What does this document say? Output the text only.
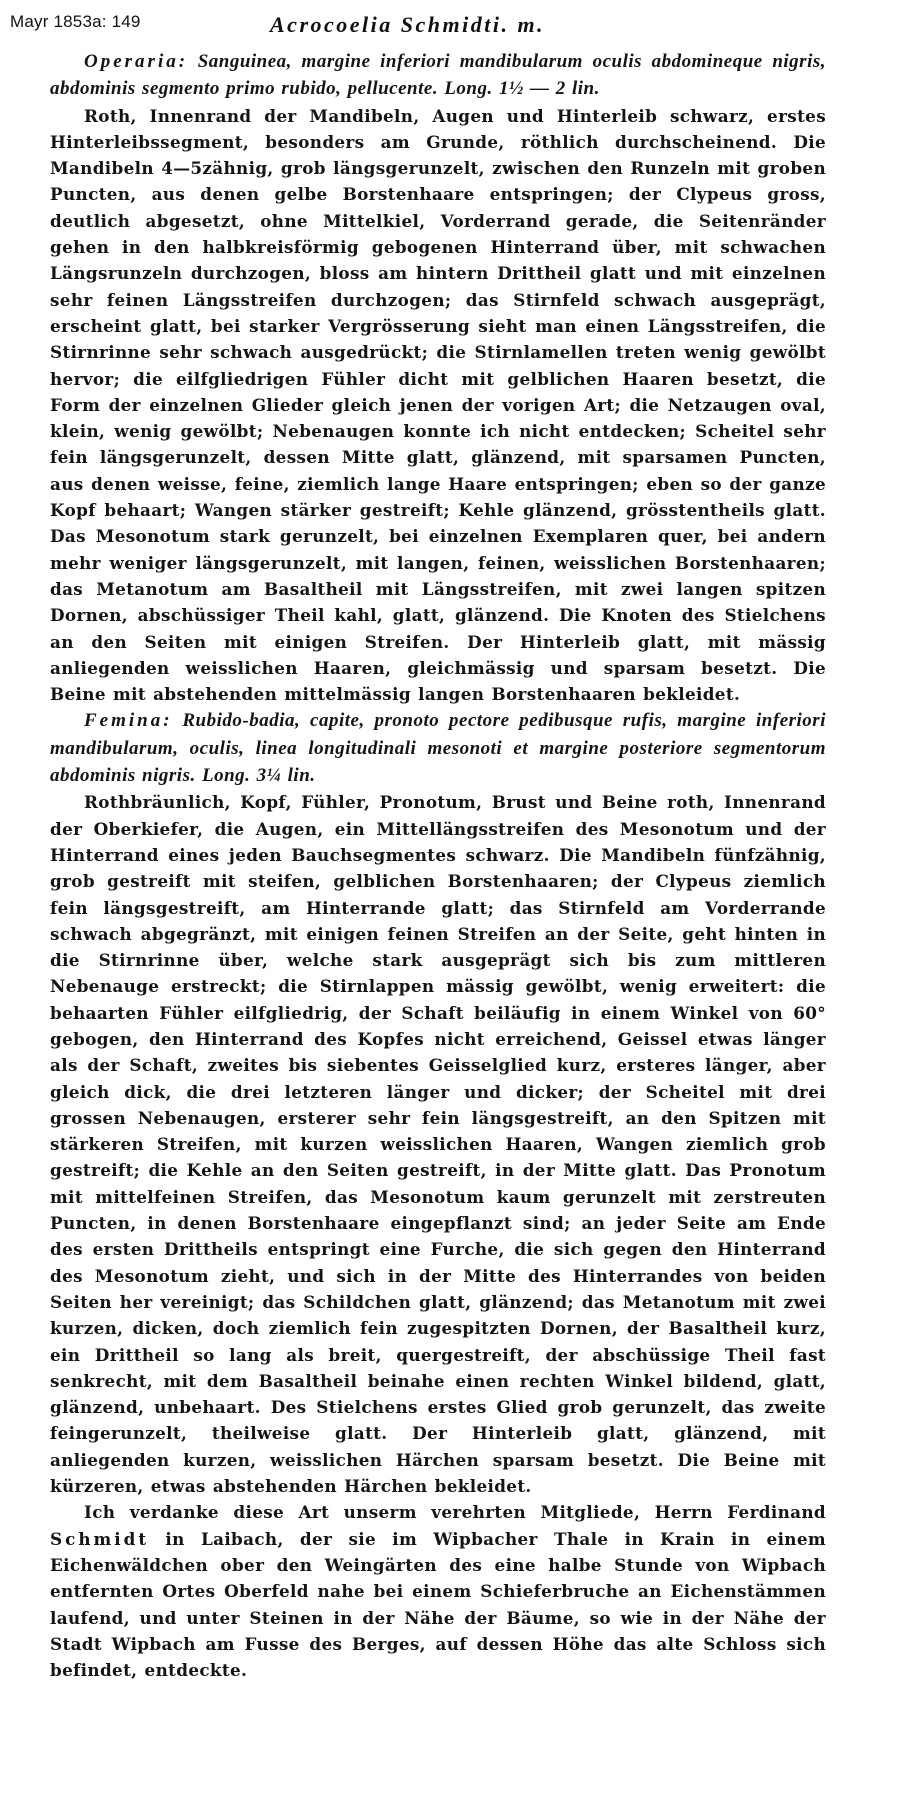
Mayr 1853a: 149	Acrocoelia Schmidti. m.

Operaria: Sanguinea, margine inferiori mandibularum oculis abdomineque nigris, abdominis segmento primo rubido, pellucente. Long. 1½ — 2 lin.

Roth, Innenrand der Mandibeln, Augen und Hinterleib schwarz, erstes Hinterleibssegment, besonders am Grunde, röthlich durchscheinend. Die Mandibeln 4—5zähnig, grob längsgerunzelt, zwischen den Runzeln mit groben Puncten, aus denen gelbe Borstenhaare entspringen; der Clypeus gross, deutlich abgesetzt, ohne Mittelkiel, Vorderrand gerade, die Seitenränder gehen in den halbkreisförmig gebogenen Hinterrand über, mit schwachen Längsrunzeln durchzogen, bloss am hintern Drittheil glatt und mit einzelnen sehr feinen Längsstreifen durchzogen; das Stirnfeld schwach ausgeprägt, erscheint glatt, bei starker Vergrösserung sieht man einen Längsstreifen, die Stirnrinne sehr schwach ausgedrückt; die Stirnlamellen treten wenig gewölbt hervor; die eilfgliedrigen Fühler dicht mit gelblichen Haaren besetzt, die Form der einzelnen Glieder gleich jenen der vorigen Art; die Netzaugen oval, klein, wenig gewölbt; Nebenaugen konnte ich nicht entdecken; Scheitel sehr fein längsgerunzelt, dessen Mitte glatt, glänzend, mit sparsamen Puncten, aus denen weisse, feine, ziemlich lange Haare entspringen; eben so der ganze Kopf behaart; Wangen stärker gestreift; Kehle glänzend, grösstentheils glatt. Das Mesonotum stark gerunzelt, bei einzelnen Exemplaren quer, bei andern mehr weniger längsgerunzelt, mit langen, feinen, weisslichen Borstenhaaren; das Metanotum am Basaltheil mit Längsstreifen, mit zwei langen spitzen Dornen, abschüssiger Theil kahl, glatt, glänzend. Die Knoten des Stielchens an den Seiten mit einigen Streifen. Der Hinterleib glatt, mit mässig anliegenden weisslichen Haaren, gleichmässig und sparsam besetzt. Die Beine mit abstehenden mittelmässig langen Borstenhaaren bekleidet.

Femina: Rubido-badia, capite, pronoto pectore pedibusque rufis, margine inferiori mandibularum, oculis, linea longitudinali mesonoti et margine posteriore segmentorum abdominis nigris. Long. 3¼ lin.

Rothbräunlich, Kopf, Fühler, Pronotum, Brust und Beine roth, Innenrand der Oberkiefer, die Augen, ein Mittellängsstreifen des Mesonotum und der Hinterrand eines jeden Bauchsegmentes schwarz. Die Mandibeln fünfzähnig, grob gestreift mit steifen, gelblichen Borstenhaaren; der Clypeus ziemlich fein längsgestreift, am Hinterrande glatt; das Stirnfeld am Vorderrande schwach abgegränzt, mit einigen feinen Streifen an der Seite, geht hinten in die Stirnrinne über, welche stark ausgeprägt sich bis zum mittleren Nebenauge erstreckt; die Stirnlappen mässig gewölbt, wenig erweitert: die behaarten Fühler eilfgliedrig, der Schaft beiläufig in einem Winkel von 60° gebogen, den Hinterrand des Kopfes nicht erreichend, Geissel etwas länger als der Schaft, zweites bis siebentes Geisselglied kurz, ersteres länger, aber gleich dick, die drei letzteren länger und dicker; der Scheitel mit drei grossen Nebenaugen, ersterer sehr fein längsgestreift, an den Spitzen mit stärkeren Streifen, mit kurzen weisslichen Haaren, Wangen ziemlich grob gestreift; die Kehle an den Seiten gestreift, in der Mitte glatt. Das Pronotum mit mittelfeinen Streifen, das Mesonotum kaum gerunzelt mit zerstreuten Puncten, in denen Borstenhaare eingepflanzt sind; an jeder Seite am Ende des ersten Drittheils entspringt eine Furche, die sich gegen den Hinterrand des Mesonotum zieht, und sich in der Mitte des Hinterrandes von beiden Seiten her vereinigt; das Schildchen glatt, glänzend; das Metanotum mit zwei kurzen, dicken, doch ziemlich fein zugespitzten Dornen, der Basaltheil kurz, ein Drittheil so lang als breit, quergestreift, der abschüssige Theil fast senkrecht, mit dem Basaltheil beinahe einen rechten Winkel bildend, glatt, glänzend, unbehaart. Des Stielchens erstes Glied grob gerunzelt, das zweite feingerunzelt, theilweise glatt. Der Hinterleib glatt, glänzend, mit anliegenden kurzen, weisslichen Härchen sparsam besetzt. Die Beine mit kürzeren, etwas abstehenden Härchen bekleidet.

Ich verdanke diese Art unserm verehrten Mitgliede, Herrn Ferdinand Schmidt in Laibach, der sie im Wipbacher Thale in Krain in einem Eichenwäldchen ober den Weingärten des eine halbe Stunde von Wipbach entfernten Ortes Oberfeld nahe bei einem Schieferbruche an Eichenstämmen laufend, und unter Steinen in der Nähe der Bäume, so wie in der Nähe der Stadt Wipbach am Fusse des Berges, auf dessen Höhe das alte Schloss sich befindet, entdeckte.
